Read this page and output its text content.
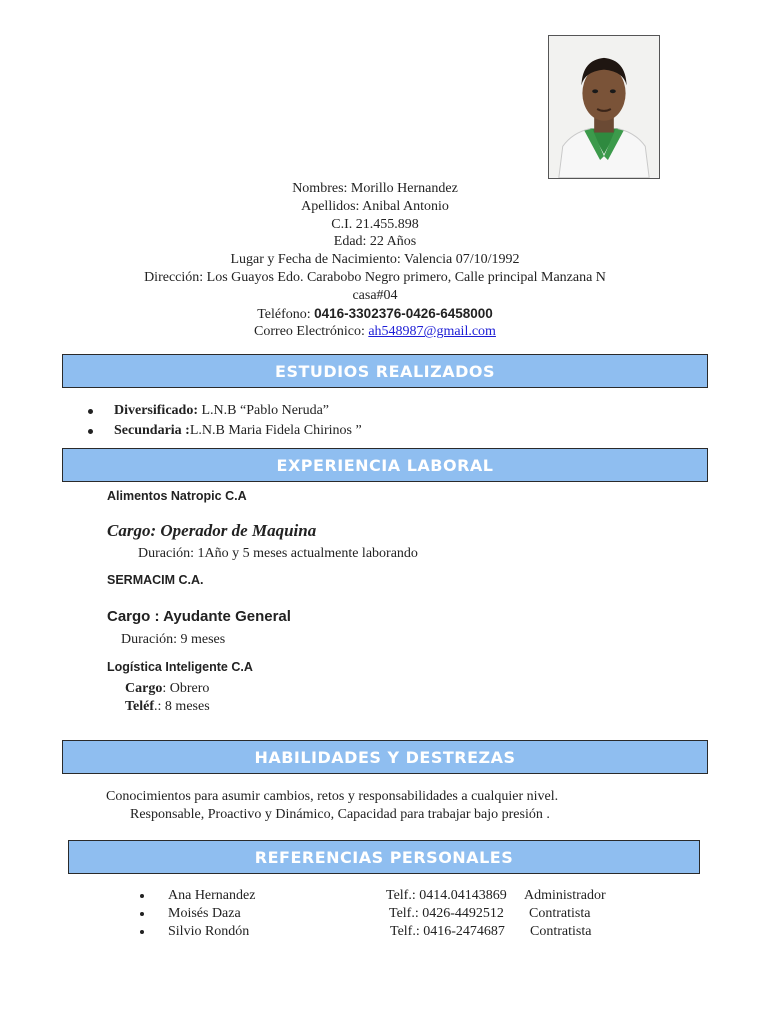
Nombres: Morillo Hernandez
Apellidos: Anibal Antonio
C.I. 21.455.898
Edad: 22 Años
Lugar y Fecha de Nacimiento: Valencia 07/10/1992
Dirección: Los Guayos Edo. Carabobo Negro primero, Calle principal Manzana N
casa#04
Teléfono: 0416-3302376-0426-6458000
Correo Electrónico: ah548987@gmail.com
ESTUDIOS REALIZADOS
Diversificado: L.N.B “Pablo Neruda”
Secundaria :L.N.B Maria Fidela Chirinos ”
EXPERIENCIA LABORAL
Alimentos Natropic C.A
Cargo: Operador de Maquina
Duración: 1Año y 5 meses actualmente laborando
SERMACIM C.A.
Cargo : Ayudante General
Duración: 9 meses
Logística Inteligente C.A
Cargo: Obrero
Teléf.: 8 meses
HABILIDADES Y DESTREZAS
Conocimientos para asumir cambios, retos y responsabilidades a cualquier nivel.
Responsable, Proactivo y Dinámico, Capacidad para trabajar bajo presión .
REFERENCIAS PERSONALES
Ana Hernandez	Telf.: 0414.04143869 Administrador
Moisés Daza	Telf.: 0426-4492512 Contratista
Silvio Rondón	Telf.: 0416-2474687 Contratista
